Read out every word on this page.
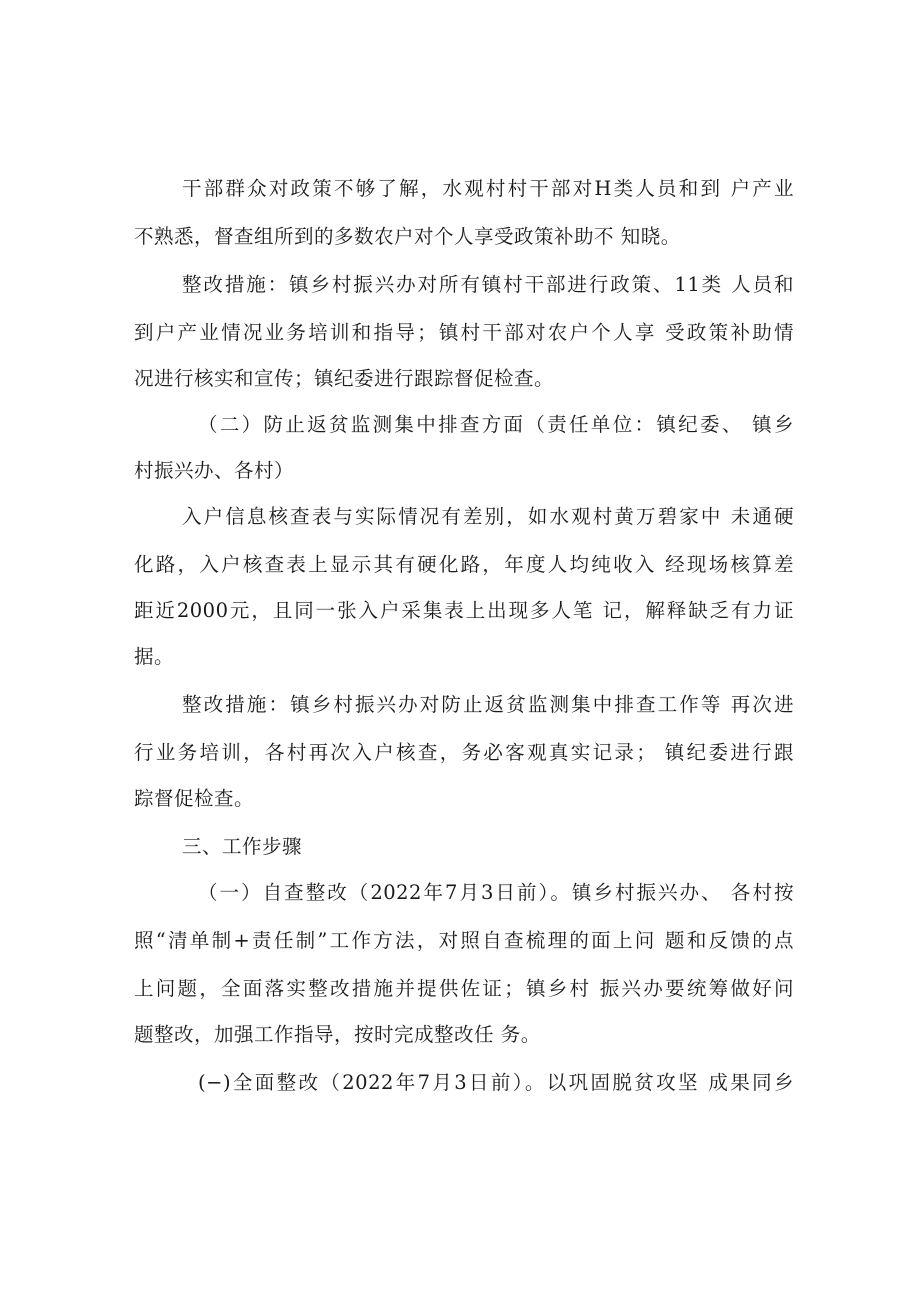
干部群众对政策不够了解，水观村村干部对H类人员和到 户产业
不熟悉，督查组所到的多数农户对个人享受政策补助不 知晓。
整改措施：镇乡村振兴办对所有镇村干部进行政策、11类 人员和
到户产业情况业务培训和指导；镇村干部对农户个人享 受政策补助情
况进行核实和宣传；镇纪委进行跟踪督促检查。
（二）防止返贫监测集中排查方面（责任单位：镇纪委、 镇乡
村振兴办、各村）
入户信息核查表与实际情况有差别，如水观村黄万碧家中 未通硬
化路，入户核查表上显示其有硬化路，年度人均纯收入 经现场核算差
距近2000元，且同一张入户采集表上出现多人笔 记，解释缺乏有力证
据。
整改措施：镇乡村振兴办对防止返贫监测集中排查工作等 再次进
行业务培训，各村再次入户核查，务必客观真实记录； 镇纪委进行跟
踪督促检查。
三、工作步骤
（一）自查整改（2022年7月3日前）。镇乡村振兴办、 各村按
照“清单制+责任制”工作方法，对照自查梳理的面上问 题和反馈的点
上问题，全面落实整改措施并提供佐证；镇乡村 振兴办要统筹做好问
题整改，加强工作指导，按时完成整改任 务。
(−)全面整改（2022年7月3日前）。以巩固脱贫攻坚 成果同乡
